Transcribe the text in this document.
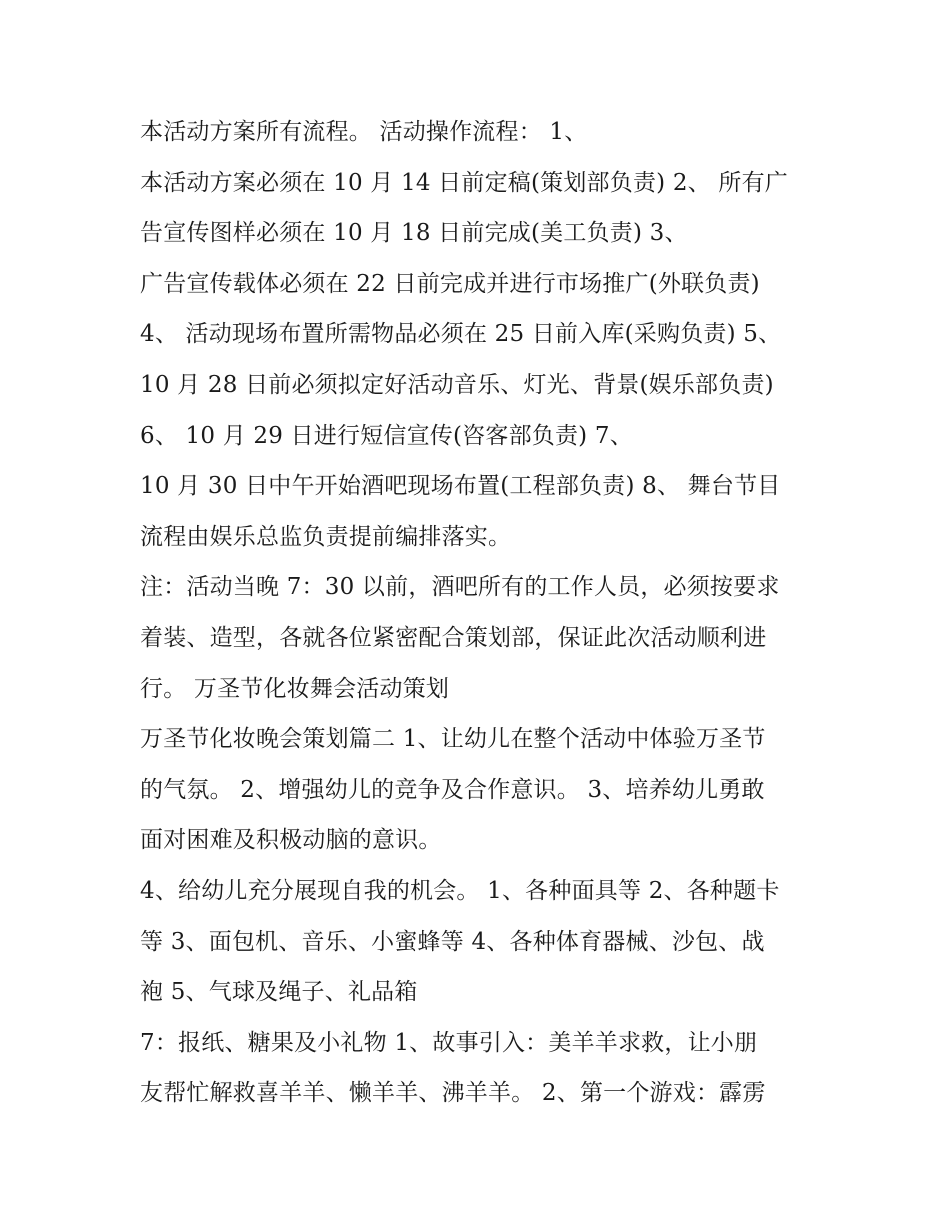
本活动方案所有流程。 活动操作流程： 1、
本活动方案必须在 10 月 14 日前定稿(策划部负责) 2、 所有广
告宣传图样必须在 10 月 18 日前完成(美工负责) 3、
广告宣传载体必须在 22 日前完成并进行市场推广(外联负责)
4、 活动现场布置所需物品必须在 25 日前入库(采购负责) 5、
10 月 28 日前必须拟定好活动音乐、灯光、背景(娱乐部负责)
6、 10 月 29 日进行短信宣传(咨客部负责) 7、
10 月 30 日中午开始酒吧现场布置(工程部负责) 8、 舞台节目
流程由娱乐总监负责提前编排落实。
注：活动当晚 7：30 以前，酒吧所有的工作人员，必须按要求
着装、造型，各就各位紧密配合策划部，保证此次活动顺利进
行。 万圣节化妆舞会活动策划
万圣节化妆晚会策划篇二 1、让幼儿在整个活动中体验万圣节
的气氛。 2、增强幼儿的竞争及合作意识。 3、培养幼儿勇敢
面对困难及积极动脑的意识。
4、给幼儿充分展现自我的机会。 1、各种面具等 2、各种题卡
等 3、面包机、音乐、小蜜蜂等 4、各种体育器械、沙包、战
袍 5、气球及绳子、礼品箱
7：报纸、糖果及小礼物 1、故事引入：美羊羊求救，让小朋
友帮忙解救喜羊羊、懒羊羊、沸羊羊。 2、第一个游戏：霹雳
